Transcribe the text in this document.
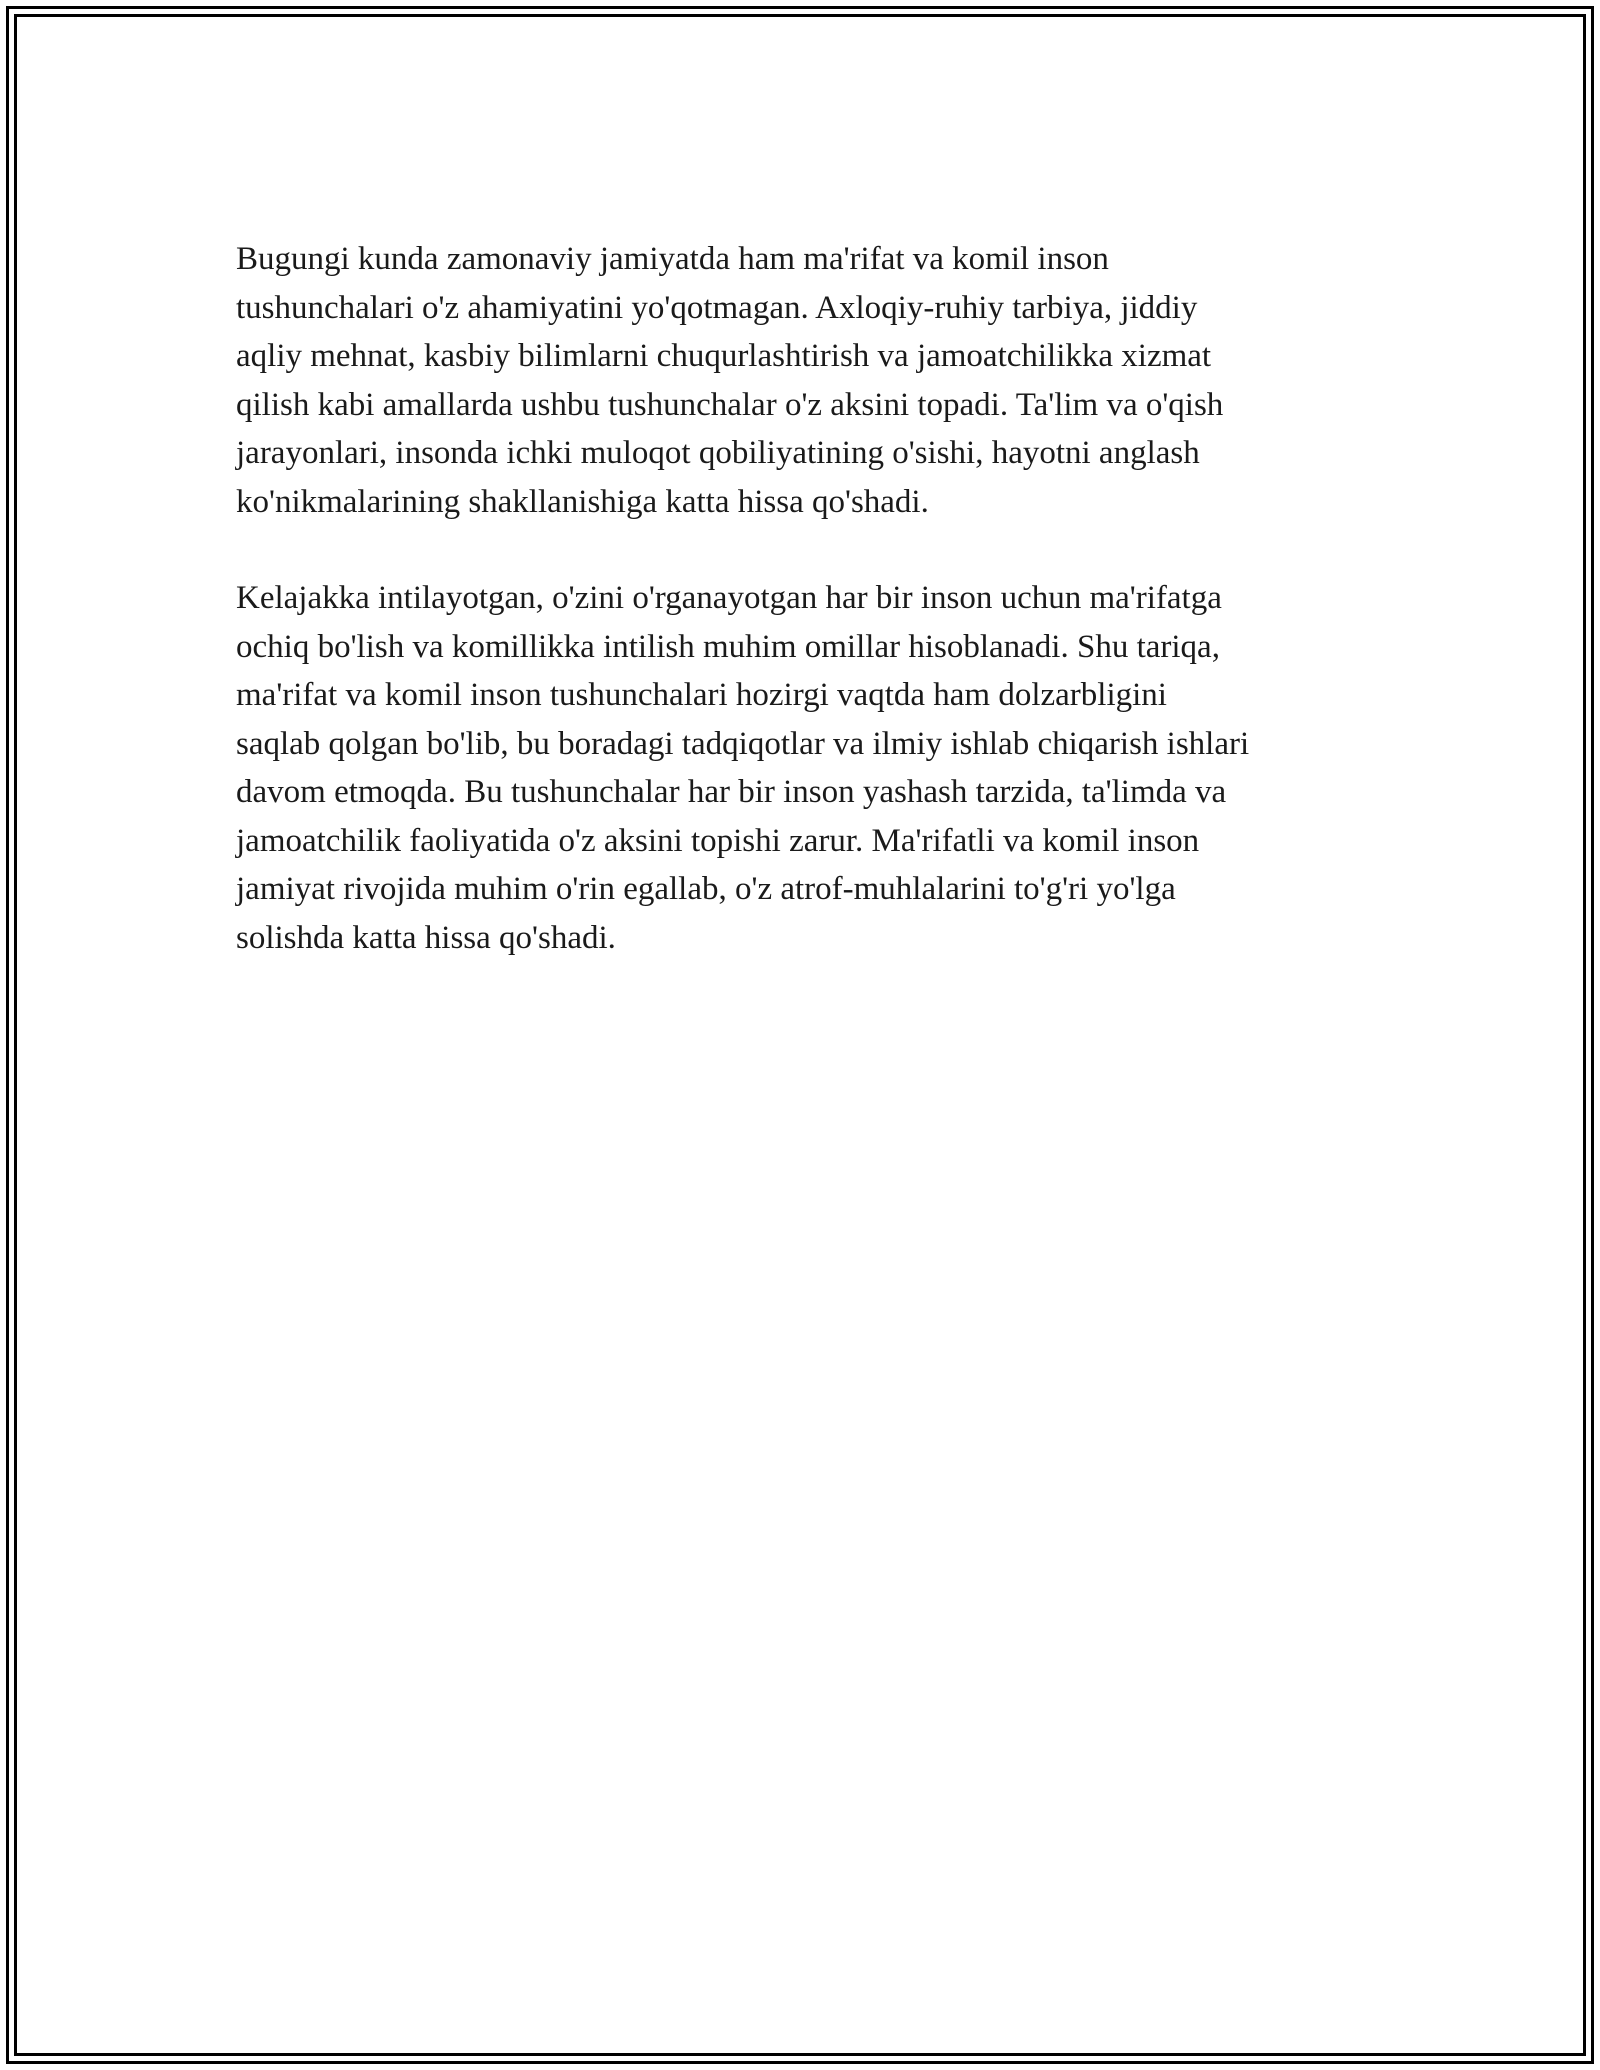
Bugungi kunda zamonaviy jamiyatda ham ma'rifat va komil inson
tushunchalari o'z ahamiyatini yo'qotmagan. Axloqiy-ruhiy tarbiya, jiddiy
aqliy mehnat, kasbiy bilimlarni chuqurlashtirish va jamoatchilikka xizmat
qilish kabi amallarda ushbu tushunchalar o'z aksini topadi. Ta'lim va o'qish
jarayonlari, insonda ichki muloqot qobiliyatining o'sishi, hayotni anglash
ko'nikmalarining shakllanishiga katta hissa qo'shadi.

Kelajakka intilayotgan, o'zini o'rganayotgan har bir inson uchun ma'rifatga
ochiq bo'lish va komillikka intilish muhim omillar hisoblanadi. Shu tariqa,
ma'rifat va komil inson tushunchalari hozirgi vaqtda ham dolzarbligini
saqlab qolgan bo'lib, bu boradagi tadqiqotlar va ilmiy ishlab chiqarish ishlari
davom etmoqda. Bu tushunchalar har bir inson yashash tarzida, ta'limda va
jamoatchilik faoliyatida o'z aksini topishi zarur. Ma'rifatli va komil inson
jamiyat rivojida muhim o'rin egallab, o'z atrof-muhlalarini to'g'ri yo'lga
solishda katta hissa qo'shadi.
